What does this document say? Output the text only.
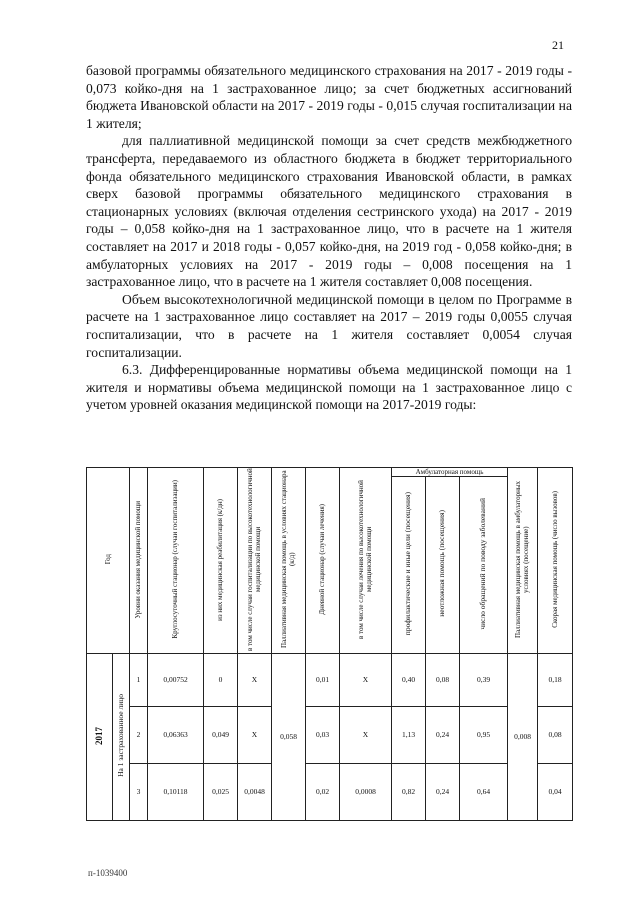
21

базовой программы обязательного медицинского страхования на 2017 - 2019 годы - 0,073 койко-дня на 1 застрахованное лицо; за счет бюджетных ассигнований бюджета Ивановской области на 2017 - 2019 годы - 0,015 случая госпитализации на 1 жителя;

для паллиативной медицинской помощи за счет средств межбюджетного трансферта, передаваемого из областного бюджета в бюджет территориального фонда обязательного медицинского страхования Ивановской области, в рамках сверх базовой программы обязательного медицинского страхования в стационарных условиях (включая отделения сестринского ухода) на 2017 - 2019 годы – 0,058 койко-дня на 1 застрахованное лицо, что в расчете на 1 жителя составляет на 2017 и 2018 годы - 0,057 койко-дня, на 2019 год - 0,058 койко-дня; в амбулаторных условиях на 2017 - 2019 годы – 0,008 посещения на 1 застрахованное лицо, что в расчете на 1 жителя составляет 0,008 посещения.

Объем высокотехнологичной медицинской помощи в целом по Программе в расчете на 1 застрахованное лицо составляет на 2017 – 2019 годы 0,0055 случая госпитализации, что в расчете на 1 жителя составляет 0,0054 случая госпитализации.

6.3. Дифференцированные нормативы объема медицинской помощи на 1 жителя и нормативы объема медицинской помощи на 1 застрахованное лицо с учетом уровней оказания медицинской помощи на 2017-2019 годы:

Год		Уровни оказания медицинской помощи	Круглосуточный стационар (случаи госпитализации)	из них медицинская реабилитация (к/дн)	в том числе случаи госпитализации по высокотехнологичной медицинской помощи	Паллиативная медицинская помощь в условиях стационара (к/д)	Дневной стационар (случаи лечения)	в том числе случаи лечения по высокотехнологичной медицинской помощи	Амбулаторная помощь			Паллиативная медицинская помощь в амбулаторных условиях (посещение)	Скорая медицинская помощь (число вызовов)
									профилактические и иные цели (посещения)	неотложная помощь (посещения)	число обращений по поводу заболеваний		
2017	На 1 застрахованное лицо	1	0,00752	0	Х	0,058	0,01	Х	0,40	0,08	0,39	0,008	0,18
		2	0,06363	0,049	Х		0,03	Х	1,13	0,24	0,95		0,08
		3	0,10118	0,025	0,0048		0,02	0,0008	0,82	0,24	0,64		0,04
п-1039400
